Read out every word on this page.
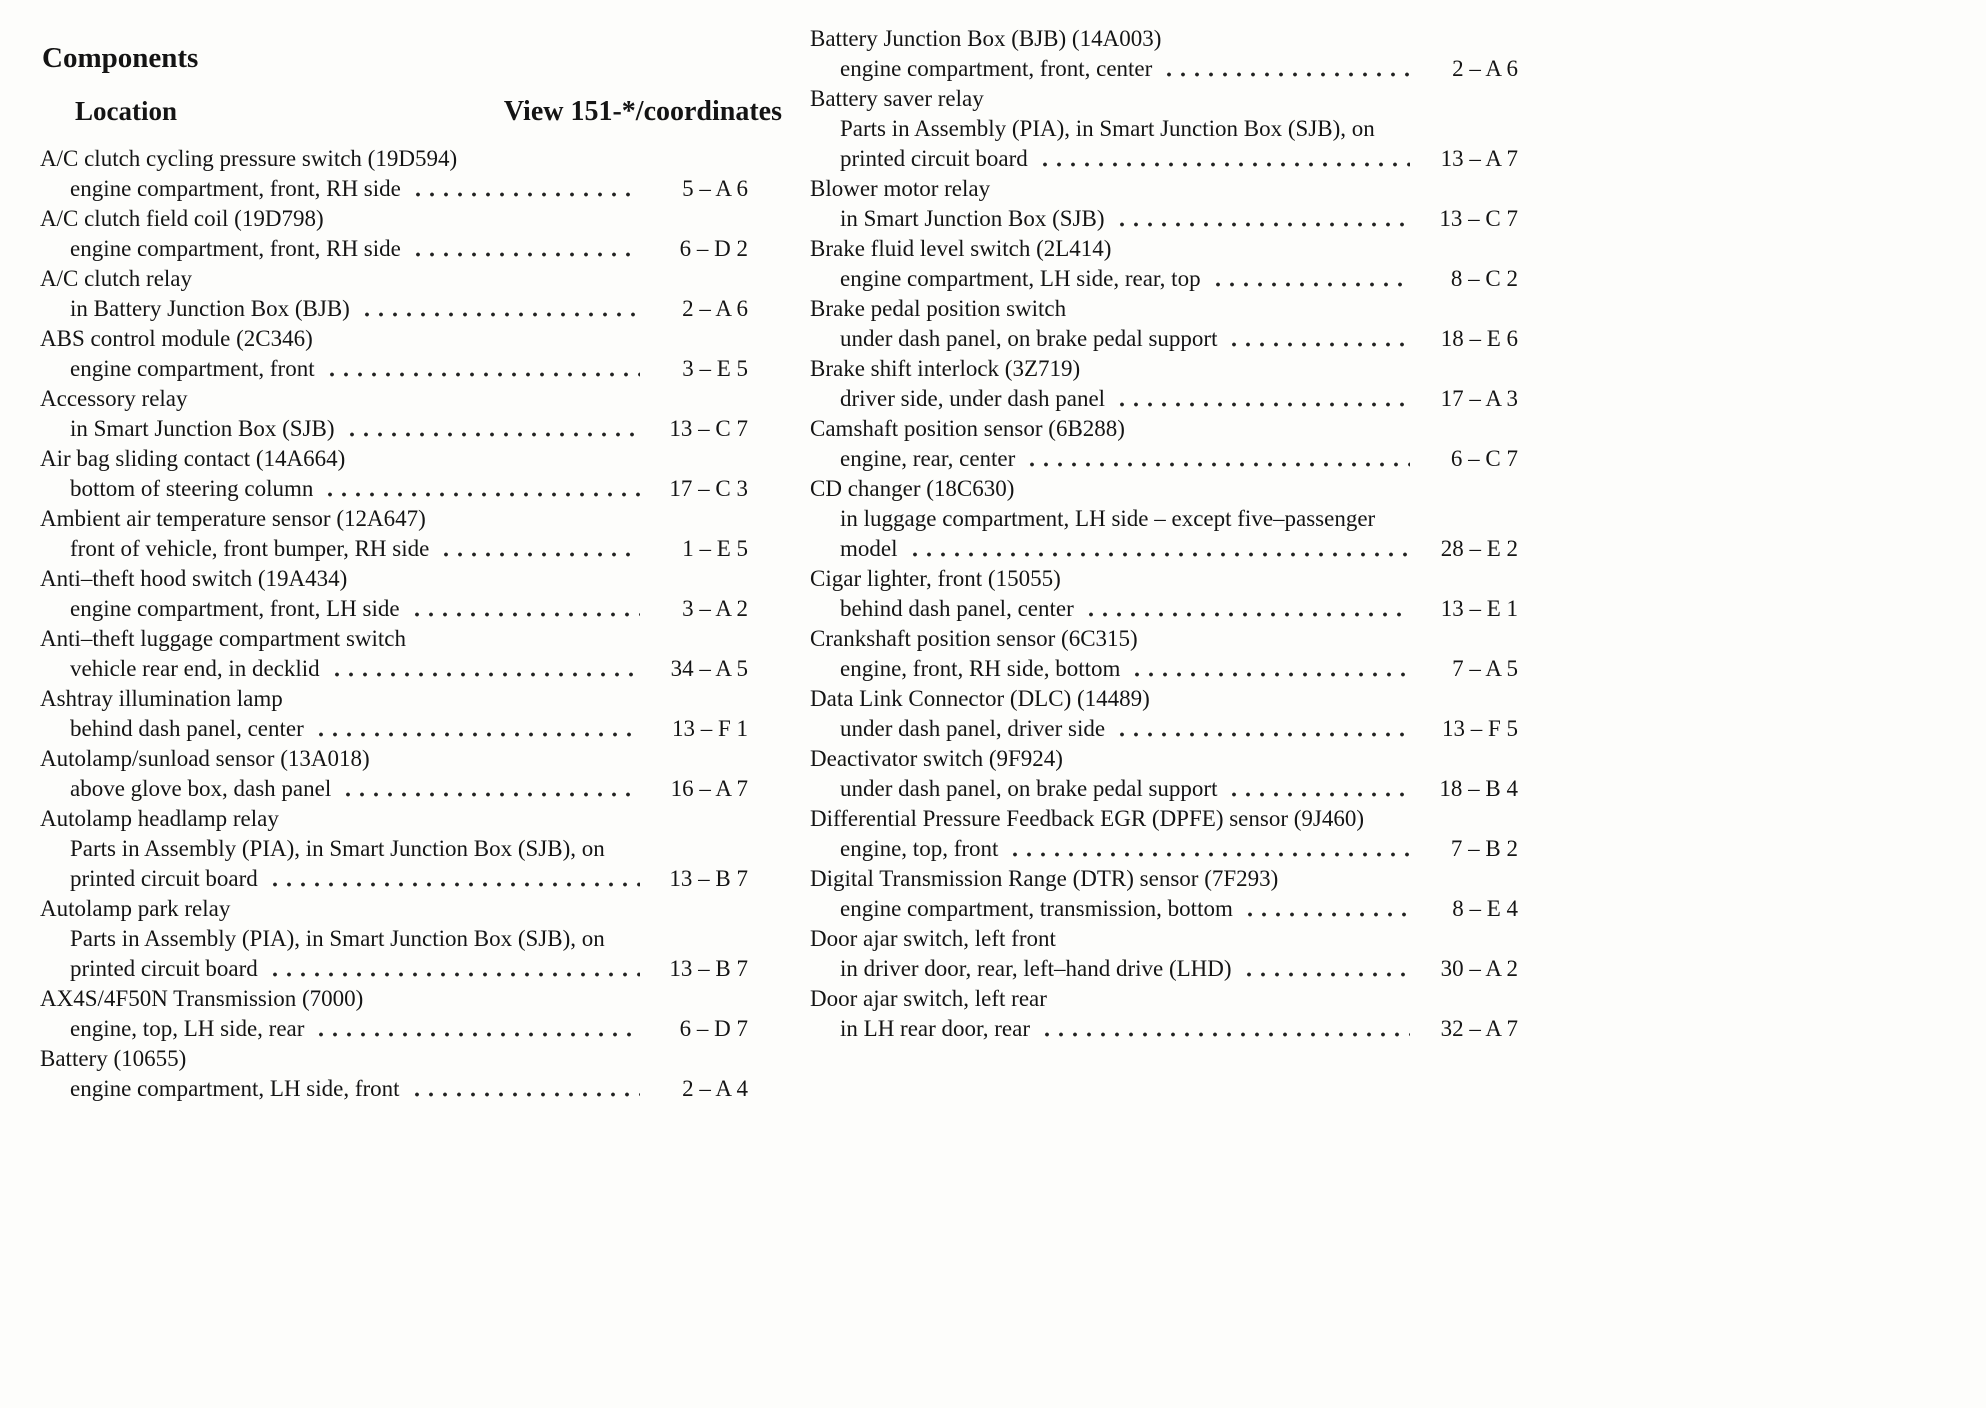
Components
Location	View 151-*/coordinates
A/C clutch cycling pressure switch (19D594)
engine compartment, front, RH side	5 – A 6
A/C clutch field coil (19D798)
engine compartment, front, RH side	6 – D 2
A/C clutch relay
in Battery Junction Box (BJB)	2 – A 6
ABS control module (2C346)
engine compartment, front	3 – E 5
Accessory relay
in Smart Junction Box (SJB)	13 – C 7
Air bag sliding contact (14A664)
bottom of steering column	17 – C 3
Ambient air temperature sensor (12A647)
front of vehicle, front bumper, RH side	1 – E 5
Anti–theft hood switch (19A434)
engine compartment, front, LH side	3 – A 2
Anti–theft luggage compartment switch
vehicle rear end, in decklid	34 – A 5
Ashtray illumination lamp
behind dash panel, center	13 – F 1
Autolamp/sunload sensor (13A018)
above glove box, dash panel	16 – A 7
Autolamp headlamp relay
Parts in Assembly (PIA), in Smart Junction Box (SJB), on
printed circuit board	13 – B 7
Autolamp park relay
Parts in Assembly (PIA), in Smart Junction Box (SJB), on
printed circuit board	13 – B 7
AX4S/4F50N Transmission (7000)
engine, top, LH side, rear	6 – D 7
Battery (10655)
engine compartment, LH side, front	2 – A 4
Battery Junction Box (BJB) (14A003)
engine compartment, front, center	2 – A 6
Battery saver relay
Parts in Assembly (PIA), in Smart Junction Box (SJB), on
printed circuit board	13 – A 7
Blower motor relay
in Smart Junction Box (SJB)	13 – C 7
Brake fluid level switch (2L414)
engine compartment, LH side, rear, top	8 – C 2
Brake pedal position switch
under dash panel, on brake pedal support	18 – E 6
Brake shift interlock (3Z719)
driver side, under dash panel	17 – A 3
Camshaft position sensor (6B288)
engine, rear, center	6 – C 7
CD changer (18C630)
in luggage compartment, LH side – except five–passenger
model	28 – E 2
Cigar lighter, front (15055)
behind dash panel, center	13 – E 1
Crankshaft position sensor (6C315)
engine, front, RH side, bottom	7 – A 5
Data Link Connector (DLC) (14489)
under dash panel, driver side	13 – F 5
Deactivator switch (9F924)
under dash panel, on brake pedal support	18 – B 4
Differential Pressure Feedback EGR (DPFE) sensor (9J460)
engine, top, front	7 – B 2
Digital Transmission Range (DTR) sensor (7F293)
engine compartment, transmission, bottom	8 – E 4
Door ajar switch, left front
in driver door, rear, left–hand drive (LHD)	30 – A 2
Door ajar switch, left rear
in LH rear door, rear	32 – A 7
